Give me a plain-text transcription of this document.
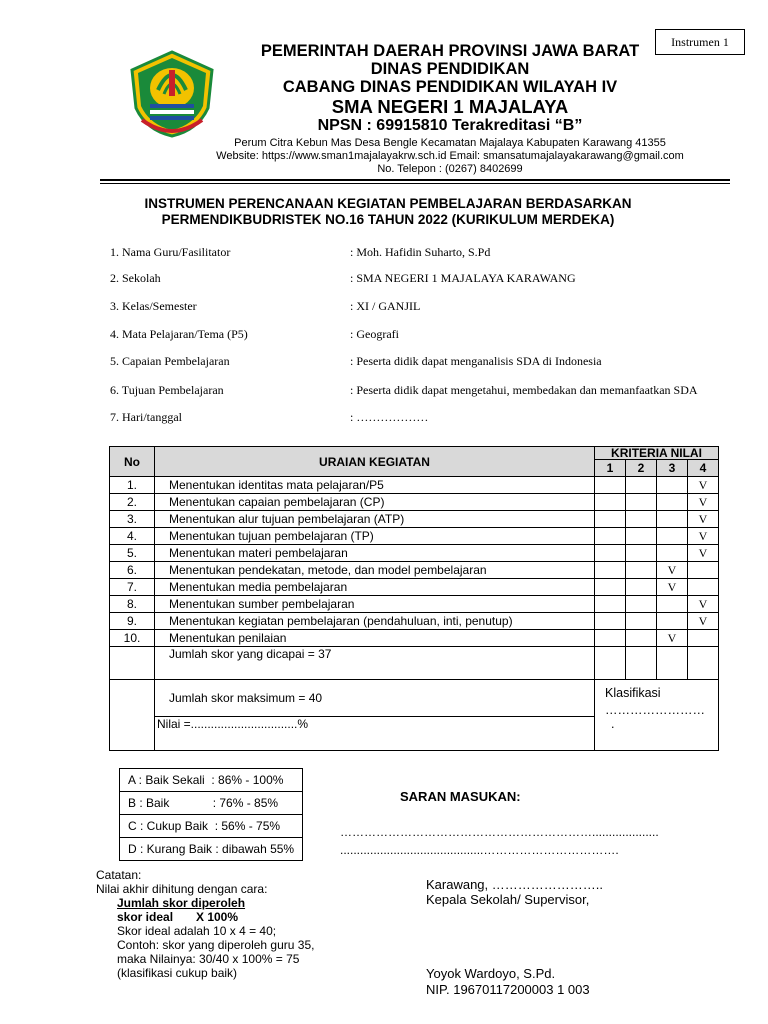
Instrumen 1
PEMERINTAH DAERAH PROVINSI JAWA BARAT
DINAS PENDIDIKAN
CABANG DINAS PENDIDIKAN WILAYAH IV
SMA NEGERI 1 MAJALAYA
NPSN : 69915810 Terakreditasi “B”
Perum Citra Kebun Mas Desa Bengle Kecamatan Majalaya Kabupaten Karawang 41355
Website: https://www.sman1majalayakrw.sch.id Email: smansatumajalayakarawang@gmail.com
No. Telepon : (0267) 8402699
INSTRUMEN PERENCANAAN KEGIATAN PEMBELAJARAN BERDASARKAN
PERMENDIKBUDRISTEK NO.16 TAHUN 2022 (KURIKULUM MERDEKA)
1. Nama Guru/Fasilitator	: Moh. Hafidin Suharto, S.Pd
2. Sekolah	: SMA NEGERI 1 MAJALAYA KARAWANG
3. Kelas/Semester	: XI / GANJIL
4. Mata Pelajaran/Tema (P5)	: Geografi
5. Capaian Pembelajaran	: Peserta didik dapat menganalisis SDA di Indonesia
6. Tujuan Pembelajaran	: Peserta didik dapat mengetahui, membedakan dan memanfaatkan SDA
7. Hari/tanggal	: ………………
No	URAIAN KEGIATAN	KRITERIA NILAI			
		1	2	3	4
1.	Menentukan identitas mata pelajaran/P5				V
2.	Menentukan capaian pembelajaran (CP)				V
3.	Menentukan alur tujuan pembelajaran (ATP)				V
4.	Menentukan tujuan pembelajaran (TP)				V
5.	Menentukan materi pembelajaran				V
6.	Menentukan pendekatan, metode, dan model pembelajaran			V	
7.	Menentukan media pembelajaran			V	
8.	Menentukan sumber pembelajaran				V
9.	Menentukan kegiatan pembelajaran (pendahuluan, inti, penutup)				V
10.	Menentukan penilaian			V	
	Jumlah skor yang dicapai = 37				
	Jumlah skor maksimum = 40	Klasifikasi
……………………
.			

	Nilai =................................%				
A : Baik Sekali  : 86% - 100%
B : Baik             : 76% - 85%
C : Cukup Baik  : 56% - 75%
D : Kurang Baik : dibawah 55%
SARAN MASUKAN:
………………………………………………………....................
...........................................…………………………….
Catatan:
Nilai akhir dihitung dengan cara:
Jumlah skor diperoleh
skor ideal X 100%
Skor ideal adalah 10 x 4 = 40;
Contoh: skor yang diperoleh guru 35,
maka Nilainya: 30/40 x 100% = 75
(klasifikasi cukup baik)
Karawang, ……………………..
Kepala Sekolah/ Supervisor,
Yoyok Wardoyo, S.Pd.
NIP. 19670117200003 1 003
